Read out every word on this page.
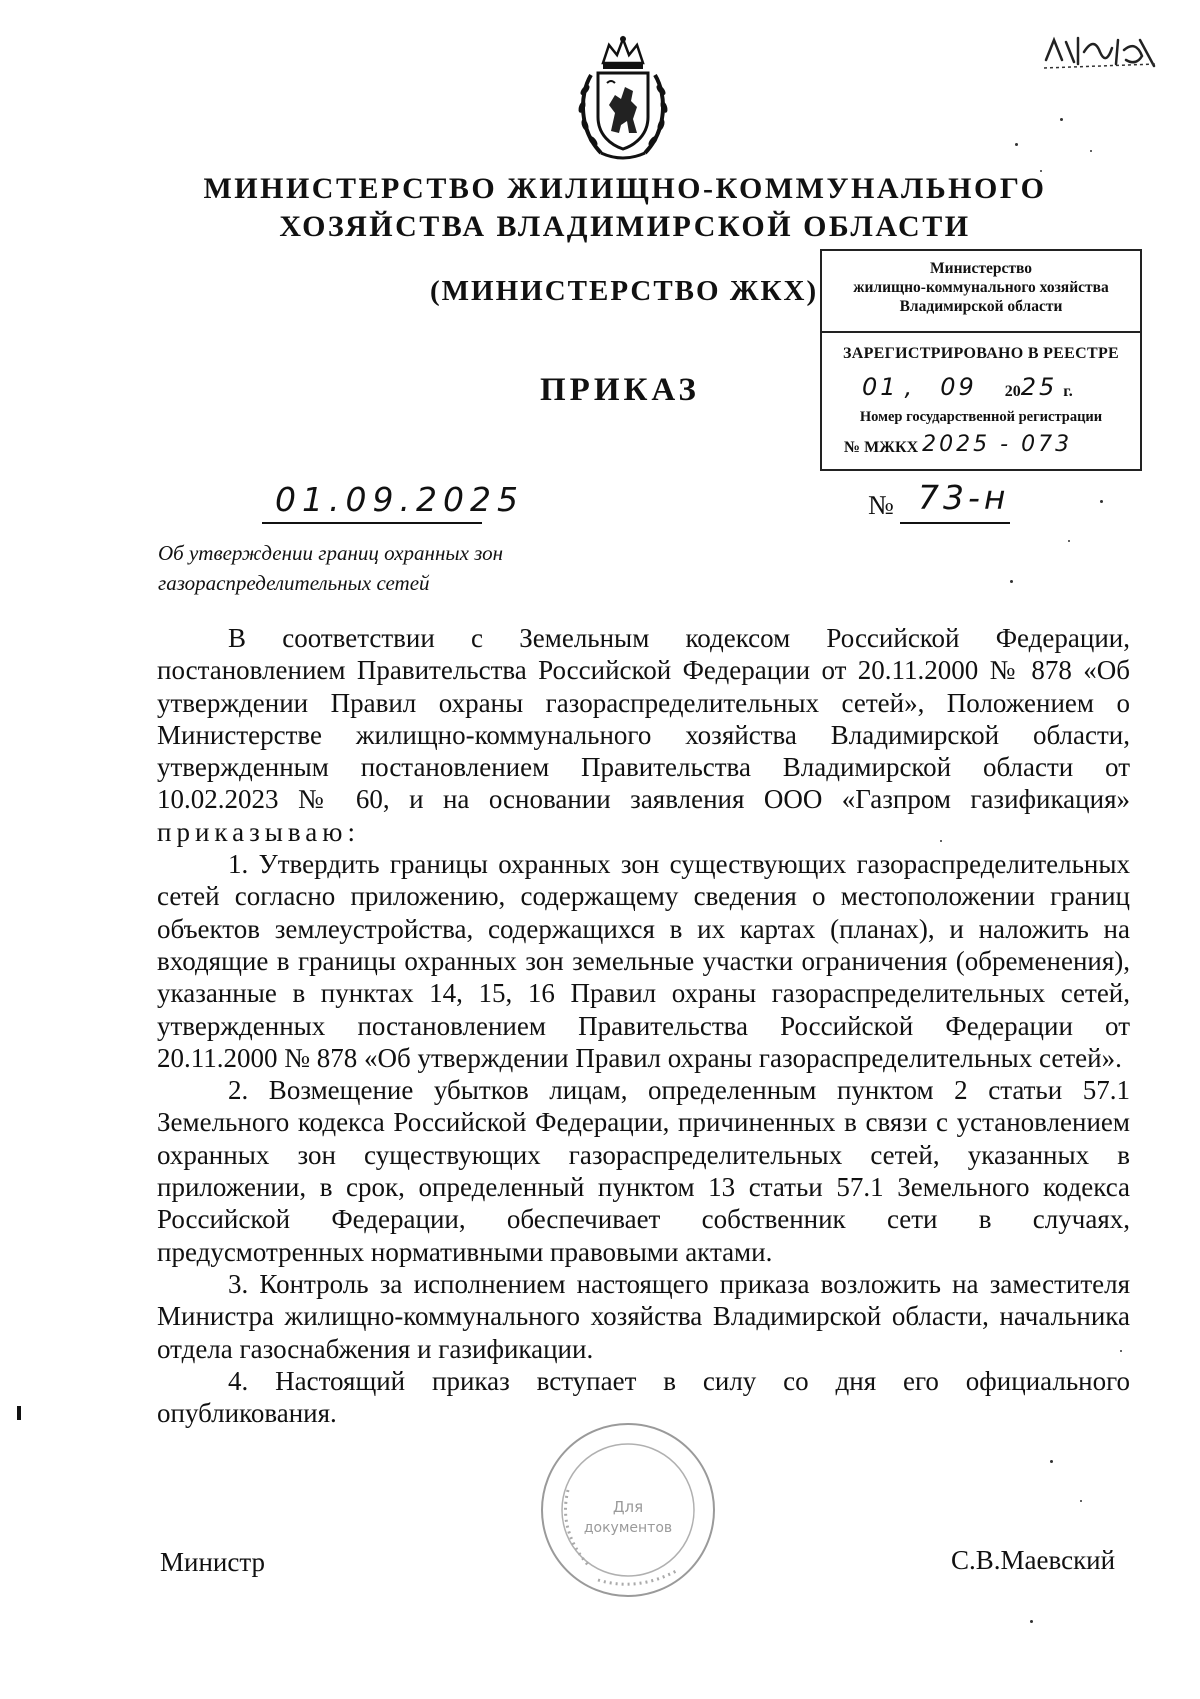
МИНИСТЕРСТВО ЖИЛИЩНО-КОММУНАЛЬНОГО
ХОЗЯЙСТВА ВЛАДИМИРСКОЙ ОБЛАСТИ
(МИНИСТЕРСТВО ЖКХ)
ПРИКАЗ
Министерство
жилищно-коммунального хозяйства
Владимирской области
ЗАРЕГИСТРИРОВАНО В РЕЕСТРЕ
01 , 09 20 25 г.
Номер государственной регистрации
№ МЖКХ 2025 - 073
01.09.2025	№ 73-н
Об утверждении границ охранных зон
газораспределительных сетей

В соответствии с Земельным кодексом Российской Федерации, постановлением Правительства Российской Федерации от 20.11.2000 № 878 «Об утверждении Правил охраны газораспределительных сетей», Положением о Министерстве жилищно-коммунального хозяйства Владимирской области, утвержденным постановлением Правительства Владимирской области от 10.02.2023 № 60, и на основании заявления ООО «Газпром газификация» приказываю:

1. Утвердить границы охранных зон существующих газораспределительных сетей согласно приложению, содержащему сведения о местоположении границ объектов землеустройства, содержащихся в их картах (планах), и наложить на входящие в границы охранных зон земельные участки ограничения (обременения), указанные в пунктах 14, 15, 16 Правил охраны газораспределительных сетей, утвержденных постановлением Правительства Российской Федерации от 20.11.2000 № 878 «Об утверждении Правил охраны газораспределительных сетей».

2. Возмещение убытков лицам, определенным пунктом 2 статьи 57.1 Земельного кодекса Российской Федерации, причиненных в связи с установлением охранных зон существующих газораспределительных сетей, указанных в приложении, в срок, определенный пунктом 13 статьи 57.1 Земельного кодекса Российской Федерации, обеспечивает собственник сети в случаях, предусмотренных нормативными правовыми актами.

3. Контроль за исполнением настоящего приказа возложить на заместителя Министра жилищно-коммунального хозяйства Владимирской области, начальника отдела газоснабжения и газификации.

4. Настоящий приказ вступает в силу со дня его официального опубликования.

Для
документов
Министр	С.В.Маевский
